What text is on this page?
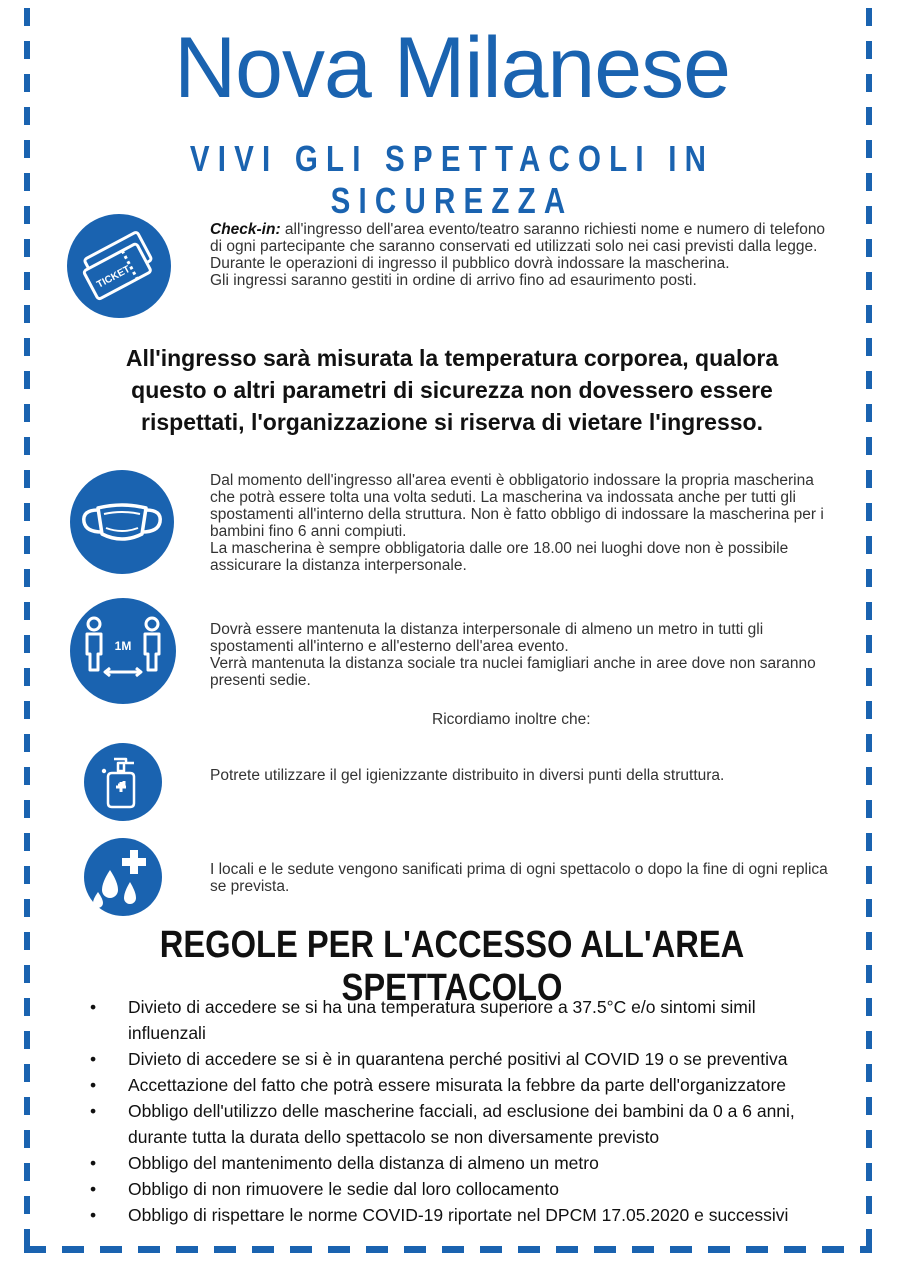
Nova Milanese
VIVI GLI SPETTACOLI IN SICUREZZA
TICKET

Check-in: all'ingresso dell'area evento/teatro saranno richiesti nome e numero di telefono di ogni partecipante che saranno conservati ed utilizzati solo nei casi previsti dalla legge.

Durante le operazioni di ingresso il pubblico dovrà indossare la mascherina.

Gli ingressi saranno gestiti in ordine di arrivo fino ad esaurimento posti.

All'ingresso sarà misurata la temperatura corporea, qualora questo o altri parametri di sicurezza non dovessero essere rispettati, l'organizzazione si riserva di vietare l'ingresso.

Dal momento dell'ingresso all'area eventi è obbligatorio indossare la propria mascherina che potrà essere tolta una volta seduti. La mascherina va indossata anche per tutti gli spostamenti all'interno della struttura. Non è fatto obbligo di indossare la mascherina per i bambini fino 6 anni compiuti.

La mascherina è sempre obbligatoria dalle ore 18.00 nei luoghi dove non è possibile assicurare la distanza interpersonale.

1M

Dovrà essere mantenuta la distanza interpersonale di almeno un metro in tutti gli spostamenti all'interno e all'esterno dell'area evento.

Verrà mantenuta la distanza sociale tra nuclei famigliari anche in aree dove non saranno presenti sedie.

Ricordiamo inoltre che:
Potrete utilizzare il gel igienizzante distribuito in diversi punti della struttura.
I locali e le sedute vengono sanificati prima di ogni spettacolo o dopo la fine di ogni replica se prevista.
REGOLE PER L'ACCESSO ALL'AREA SPETTACOLO
• Divieto di accedere se si ha una temperatura superiore a 37.5°C e/o sintomi simil influenzali
• Divieto di accedere se si è in quarantena perché positivi al COVID 19 o se preventiva
• Accettazione del fatto che potrà essere misurata la febbre da parte dell'organizzatore
• Obbligo dell'utilizzo delle mascherine facciali, ad esclusione dei bambini da 0 a 6 anni, durante tutta la durata dello spettacolo se non diversamente previsto
• Obbligo del mantenimento della distanza di almeno un metro
• Obbligo di non rimuovere le sedie dal loro collocamento
• Obbligo di rispettare le norme COVID-19 riportate nel DPCM 17.05.2020 e successivi
